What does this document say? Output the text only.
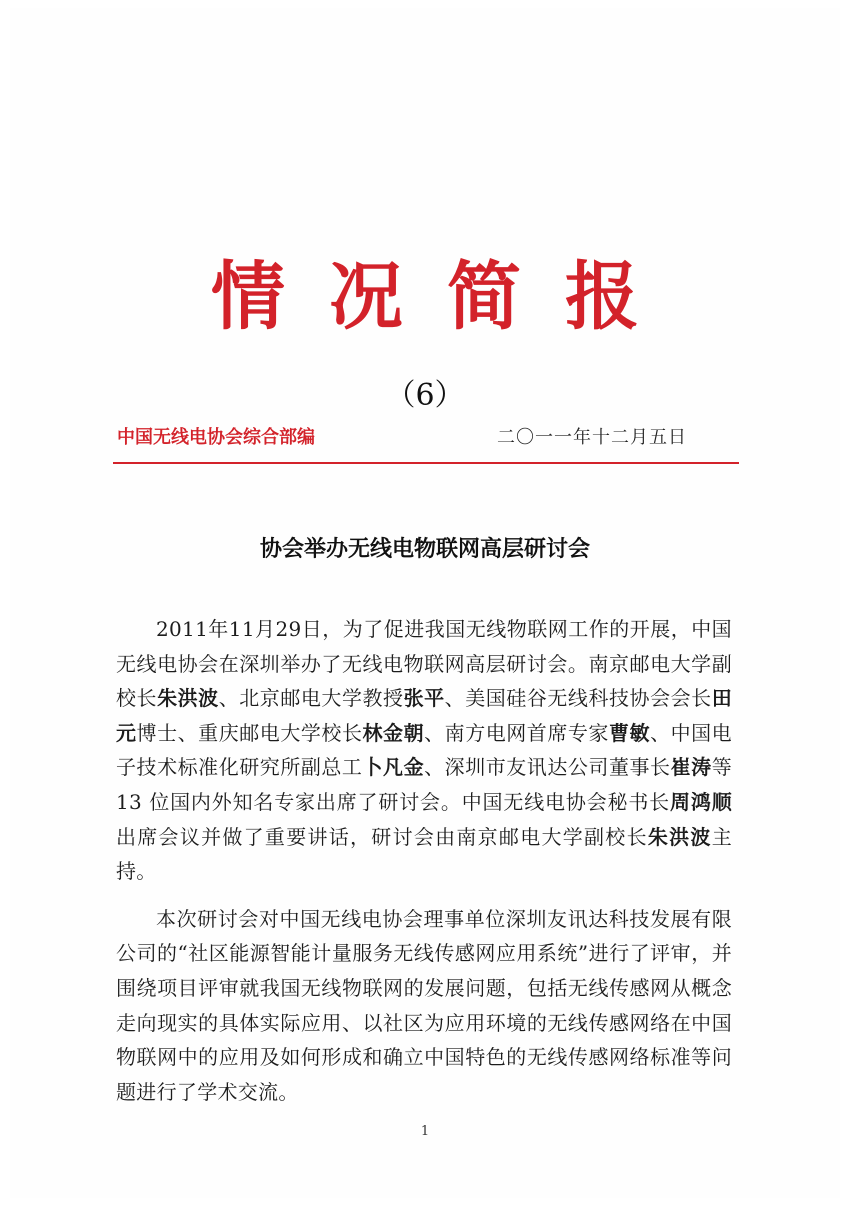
情况简报
（6）
中国无线电协会综合部编	二〇一一年十二月五日
协会举办无线电物联网高层研讨会

2011年11月29日，为了促进我国无线物联网工作的开展，中国无线电协会在深圳举办了无线电物联网高层研讨会。南京邮电大学副校长朱洪波、北京邮电大学教授张平、美国硅谷无线科技协会会长田元博士、重庆邮电大学校长林金朝、南方电网首席专家曹敏、中国电子技术标准化研究所副总工卜凡金、深圳市友讯达公司董事长崔涛等 13 位国内外知名专家出席了研讨会。中国无线电协会秘书长周鸿顺出席会议并做了重要讲话，研讨会由南京邮电大学副校长朱洪波主持。

本次研讨会对中国无线电协会理事单位深圳友讯达科技发展有限公司的“社区能源智能计量服务无线传感网应用系统”进行了评审，并围绕项目评审就我国无线物联网的发展问题，包括无线传感网从概念走向现实的具体实际应用、以社区为应用环境的无线传感网络在中国物联网中的应用及如何形成和确立中国特色的无线传感网络标准等问题进行了学术交流。

1
